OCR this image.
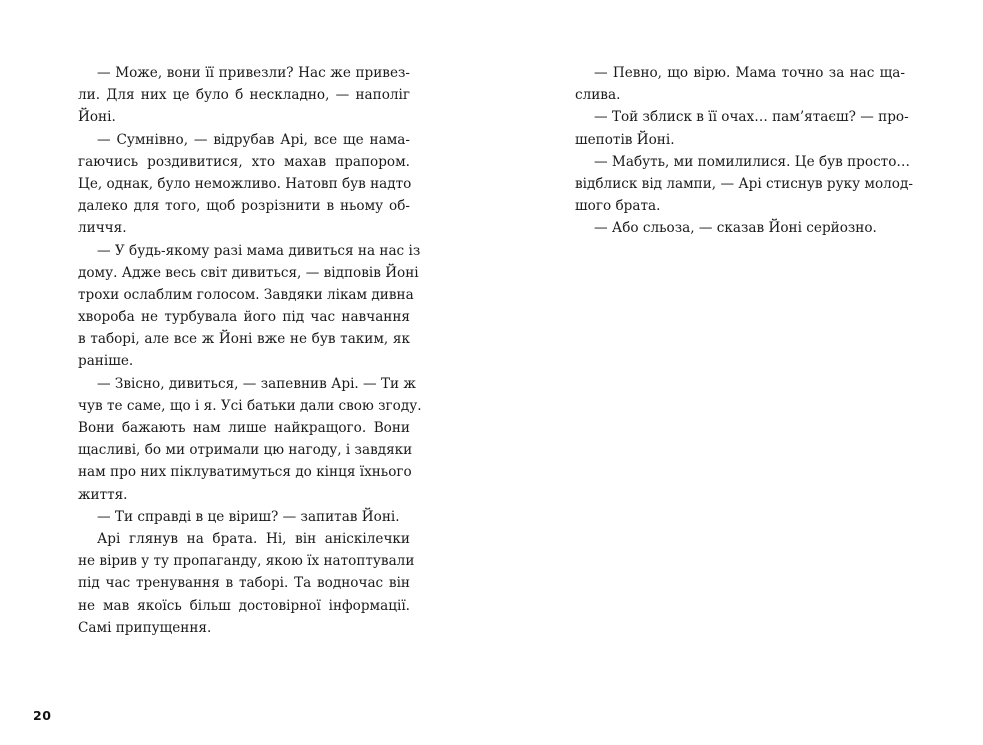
— Може, вони її привезли? Нас же привез-
ли. Для них це було б нескладно, — наполіг
Йоні.
— Сумнівно, — відрубав Арі, все ще нама-
гаючись роздивитися, хто махав прапором.
Це, однак, було неможливо. Натовп був надто
далеко для того, щоб розрізнити в ньому об-
личчя.
— У будь-якому разі мама дивиться на нас із
дому. Адже весь світ дивиться, — відповів Йоні
трохи ослаблим голосом. Завдяки лікам дивна
хвороба не турбувала його під час навчання
в таборі, але все ж Йоні вже не був таким, як
раніше.
— Звісно, дивиться, — запевнив Арі. — Ти ж
чув те саме, що і я. Усі батьки дали свою згоду.
Вони бажають нам лише найкращого. Вони
щасливі, бо ми отримали цю нагоду, і завдяки
нам про них піклуватимуться до кінця їхнього
життя.
— Ти справді в це віриш? — запитав Йоні.
Арі глянув на брата. Ні, він аніскілечки
не вірив у ту пропаганду, якою їх натоптували
під час тренування в таборі. Та водночас він
не мав якоїсь більш достовірної інформації.
Самі припущення.
— Певно, що вірю. Мама точно за нас ща-
слива.
— Той зблиск в її очах… пам’ятаєш? — про-
шепотів Йоні.
— Мабуть, ми помилилися. Це був просто…
відблиск від лампи, — Арі стиснув руку молод-
шого брата.
— Або сльоза, — сказав Йоні серйозно.
20
